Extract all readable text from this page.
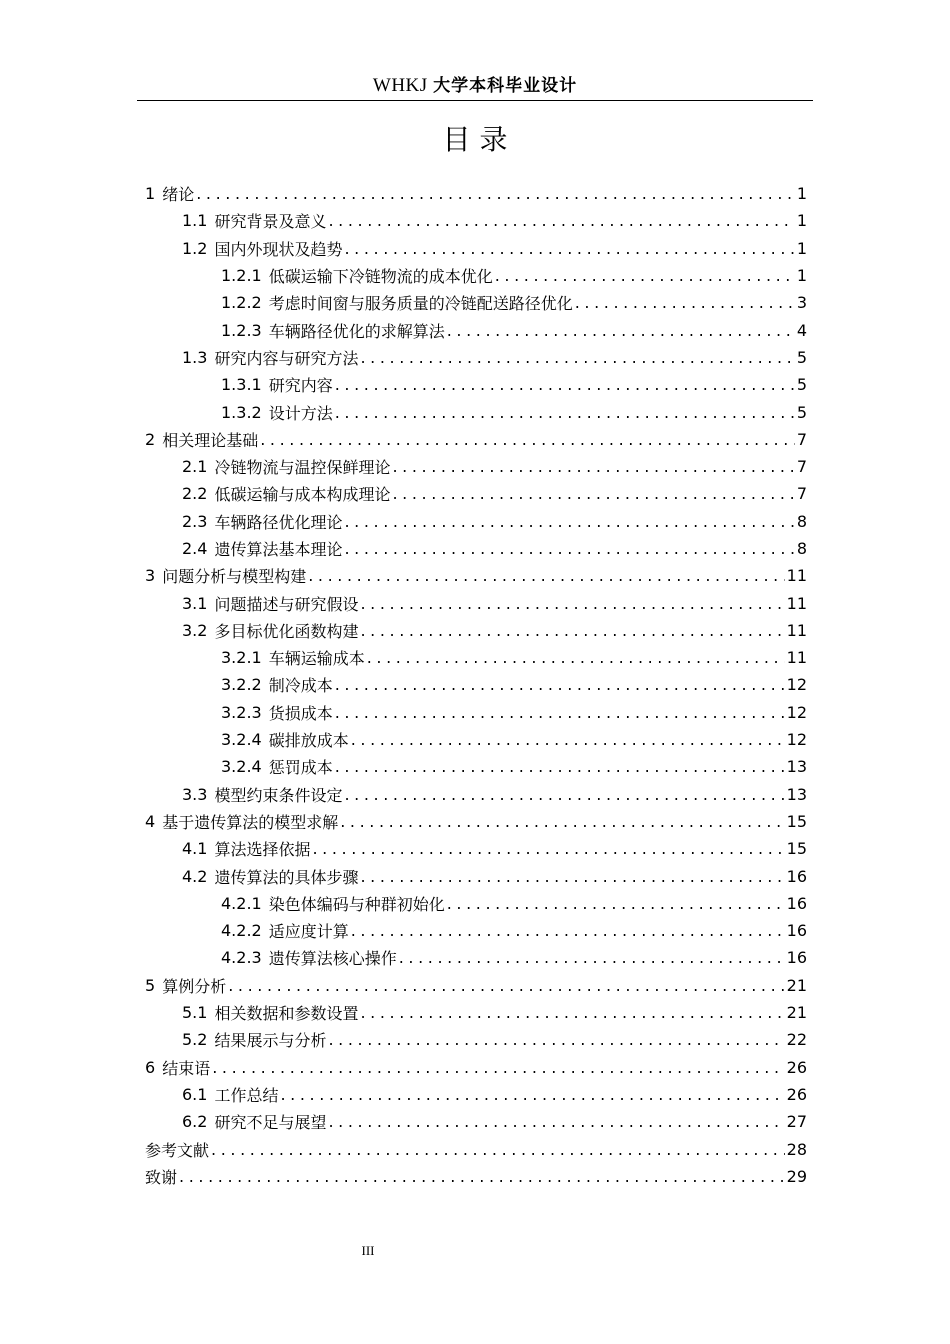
WHKJ 大学本科毕业设计
目 录
1 绪论 .....	1
1.1 研究背景及意义 .....	1
1.2 国内外现状及趋势 .....	1
1.2.1 低碳运输下冷链物流的成本优化 .....	1
1.2.2 考虑时间窗与服务质量的冷链配送路径优化 .....	3
1.2.3 车辆路径优化的求解算法 .....	4
1.3 研究内容与研究方法 .....	5
1.3.1 研究内容 .....	5
1.3.2 设计方法 .....	5
2 相关理论基础 .....	7
2.1 冷链物流与温控保鲜理论 .....	7
2.2 低碳运输与成本构成理论 .....	7
2.3 车辆路径优化理论 .....	8
2.4 遗传算法基本理论 .....	8
3 问题分析与模型构建 .....	11
3.1 问题描述与研究假设 .....	11
3.2 多目标优化函数构建 .....	11
3.2.1 车辆运输成本 .....	11
3.2.2 制冷成本 .....	12
3.2.3 货损成本 .....	12
3.2.4 碳排放成本 .....	12
3.2.4 惩罚成本 .....	13
3.3 模型约束条件设定 .....	13
4 基于遗传算法的模型求解 .....	15
4.1 算法选择依据 .....	15
4.2 遗传算法的具体步骤 .....	16
4.2.1 染色体编码与种群初始化 .....	16
4.2.2 适应度计算 .....	16
4.2.3 遗传算法核心操作 .....	16
5 算例分析 .....	21
5.1 相关数据和参数设置 .....	21
5.2 结果展示与分析 .....	22
6 结束语 .....	26
6.1 工作总结 .....	26
6.2 研究不足与展望 .....	27
参考文献 .....	28
致谢 .....	29
III
